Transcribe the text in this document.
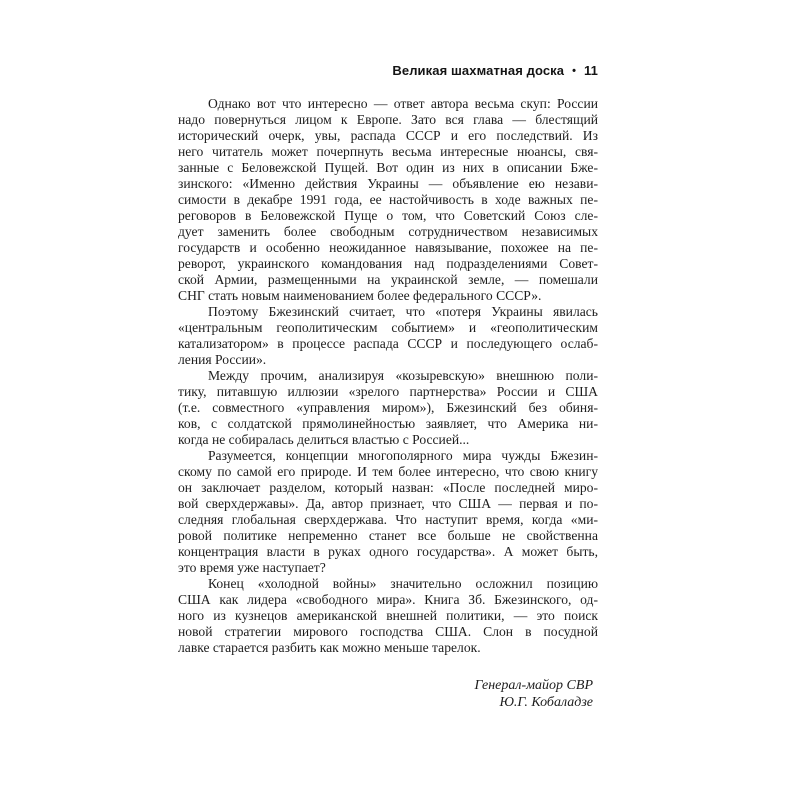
Великая шахматная доска • 11
Однако вот что интересно — ответ автора весьма скуп: России
надо повернуться лицом к Европе. Зато вся глава — блестящий
исторический очерк, увы, распада СССР и его последствий. Из
него читатель может почерпнуть весьма интересные нюансы, свя-
занные с Беловежской Пущей. Вот один из них в описании Бже-
зинского: «Именно действия Украины — объявление ею незави-
симости в декабре 1991 года, ее настойчивость в ходе важных пе-
реговоров в Беловежской Пуще о том, что Советский Союз сле-
дует заменить более свободным сотрудничеством независимых
государств и особенно неожиданное навязывание, похожее на пе-
реворот, украинского командования над подразделениями Совет-
ской Армии, размещенными на украинской земле, — помешали
СНГ стать новым наименованием более федерального СССР».
Поэтому Бжезинский считает, что «потеря Украины явилась
«центральным геополитическим событием» и «геополитическим
катализатором» в процессе распада СССР и последующего ослаб-
ления России».
Между прочим, анализируя «козыревскую» внешнюю поли-
тику, питавшую иллюзии «зрелого партнерства» России и США
(т.е. совместного «управления миром»), Бжезинский без обиня-
ков, с солдатской прямолинейностью заявляет, что Америка ни-
когда не собиралась делиться властью с Россией...
Разумеется, концепции многополярного мира чужды Бжезин-
скому по самой его природе. И тем более интересно, что свою книгу
он заключает разделом, который назван: «После последней миро-
вой сверхдержавы». Да, автор признает, что США — первая и по-
следняя глобальная сверхдержава. Что наступит время, когда «ми-
ровой политике непременно станет все больше не свойственна
концентрация власти в руках одного государства». А может быть,
это время уже наступает?
Конец «холодной войны» значительно осложнил позицию
США как лидера «свободного мира». Книга Зб. Бжезинского, од-
ного из кузнецов американской внешней политики, — это поиск
новой стратегии мирового господства США. Слон в посудной
лавке старается разбить как можно меньше тарелок.
Генерал-майор СВР
Ю.Г. Кобаладзе
